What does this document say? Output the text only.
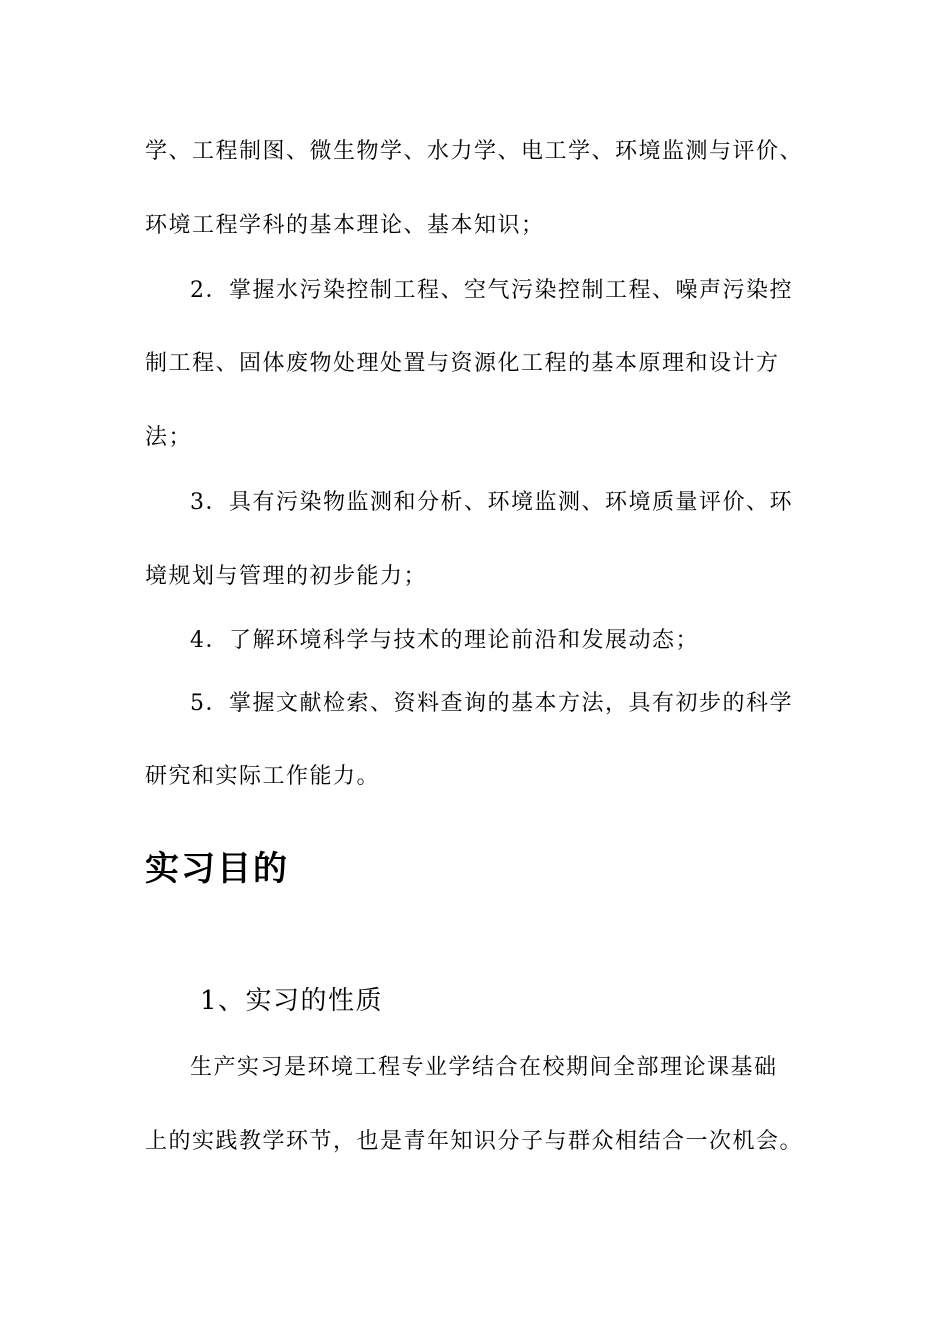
学、工程制图、微生物学、水力学、电工学、环境监测与评价、
环境工程学科的基本理论、基本知识；
2．掌握水污染控制工程、空气污染控制工程、噪声污染控
制工程、固体废物处理处置与资源化工程的基本原理和设计方
法；
3．具有污染物监测和分析、环境监测、环境质量评价、环
境规划与管理的初步能力；
4．了解环境科学与技术的理论前沿和发展动态；
5．掌握文献检索、资料查询的基本方法，具有初步的科学
研究和实际工作能力。
实习目的
1、实习的性质
生产实习是环境工程专业学结合在校期间全部理论课基础
上的实践教学环节，也是青年知识分子与群众相结合一次机会。
